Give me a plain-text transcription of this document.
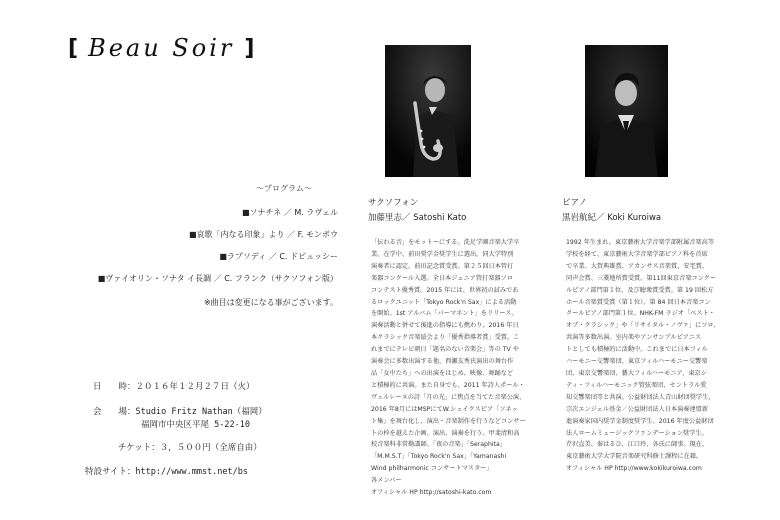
[ Beau Soir ]
～プログラム～
■ソナチネ ／ M. ラヴェル
■哀歌「内なる印象」より ／ F. モンポウ
■ラプソディ ／ C. ドビュッシー
■ヴァイオリン・ソナタ イ長調 ／ C. フランク（サクソフォン版）
※曲目は変更になる事がございます。
日　　時：２０１６年１２月２７日（火）
会　　場：Studio Fritz Nathan（福岡）
福岡市中央区平尾 5-22-10
チケット：３，５００円（全席自由）
特設サイト：http://www.mmst.net/bs
サクソフォン
加藤里志／ Satoshi Kato
ピアノ
黒岩航紀／ Koki Kuroiwa
「伝わる音」をモットーにする。洗足学園音楽大学卒
業。在学中、前田奨学金奨学生に選出。同大学特別
演奏者に認定。前田記念賞受賞。第２５回日本管打
楽器コンクール入選。全日本ジュニア管打楽器ソロ
コンテスト優秀賞。2015 年には、世界初の試みであ
るロックユニット「Tokyo Rock'n Sax」による活動
を開始。1st アルバム「パーマネント」をリリース。
演奏活動と併せて後進の指導にも携わり、2016 年日
本クラシック音楽協会より「優秀指導者賞」受賞。こ
れまでにテレビ朝日「題名のない音楽会」等の TV や
演奏会に多数出演する他、西瀬友秀氏演出の舞台作
品「女中たち」への出演をはじめ、映像、舞踊など
と積極的に共演。また自身でも、2011 年詩人ポール・
ヴェルレーヌの詩「月の光」に焦点を当てた音楽公演、
2016 年8月にはMSPにてW.シェイクスピア「ソネッ
ト集」を舞台化し、演出・音楽制作を行うなどコンサー
トの枠を越えた企画、演出、演奏を行う。甲斐清和高
校音楽科非常勤講師。「夜の音楽」「Seraphita」
「M.M.S.T」「Tokyo Rock'n Sax」「Yamanashi
Wind philharmonic コンサートマスター」
各メンバー
オフィシャル HP http://satoshi-kato.com
1992 年生まれ。東京藝術大学音楽学部附属音楽高等
学校を経て、東京藝術大学音楽学部ピアノ科を首席
で卒業。大賀典雄賞、アカンサス音楽賞、安宅賞、
同声会賞、三菱地所賞受賞。第11回東京音楽コンクー
ルピアノ部門第１位、及び聴衆賞受賞。第 19 回松方
ホール音楽賞受賞（第１位）。第 84 回日本音楽コン
クールピアノ部門第１位。NHK-FM ラジオ「ベスト・
オブ・クラシック」や「リサイタル・ノヴァ」にソロ、
共演等多数出演。室内楽やアンサンブルピアニス
トとしても積極的に活動中。これまでに日本フィル
ハーモニー交響楽団、東京フィルハーモニー交響楽
団、東京交響楽団、藝大フィルハーモニア、東京シ
ティ・フィルハーモニック管弦楽団、セントラル愛
知交響楽団等と共演。公益財団法人青山財団奨学生、
宗次エンジェル基金／公益財団法人日本演奏連盟新
進演奏家国内奨学金制度奨学生、2016 年度公益財団
法人ロームミュージックファンデーション奨学生。
芹沢直美、秦はるひ、江口玲、各氏に師事。現在、
東京藝術大学大学院音楽研究科修士課程に在籍。
オフィシャル HP http://www.kokikuroiwa.com
